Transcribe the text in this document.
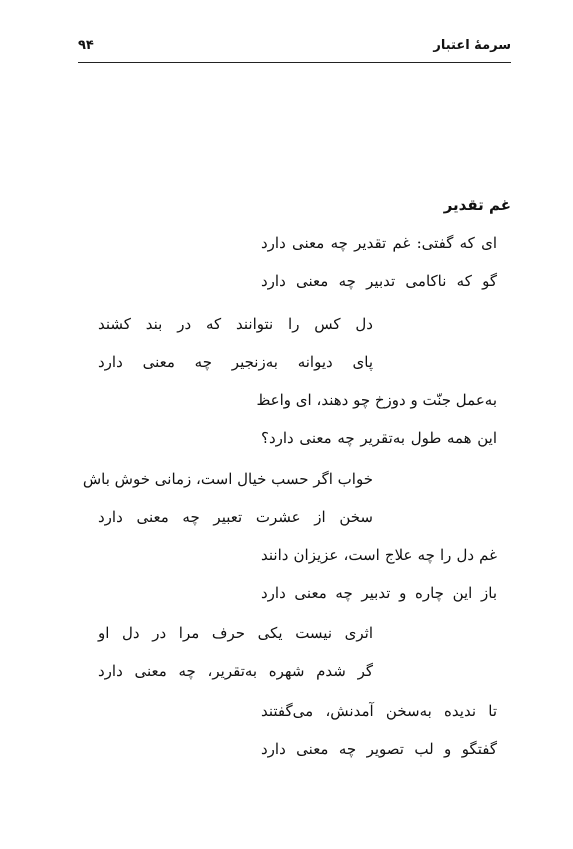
سرمهٔ اعتبار
۹۴
غم تقدیر
ای که گفتی: غم تقدیر چه معنی دارد
گو که ناکامی تدبیر چه معنی دارد
دل کس را نتوانند که در بند کشند
پای دیوانه به‌زنجیر چه معنی دارد
به‌عمل جنّت و دوزخ چو دهند، ای واعظ
این همه طول به‌تقریر چه معنی دارد؟
خواب اگر حسب خیال است، زمانی خوش باش
سخن از عشرت تعبیر چه معنی دارد
غم دل را چه علاج است، عزیزان دانند
باز این چاره و تدبیر چه معنی دارد
اثری نیست یکی حرف مرا در دل او
گر شدم شهره به‌تقریر، چه معنی دارد
تا ندیده به‌سخن آمدنش، می‌گفتند
گفتگو و لب تصویر چه معنی دارد
